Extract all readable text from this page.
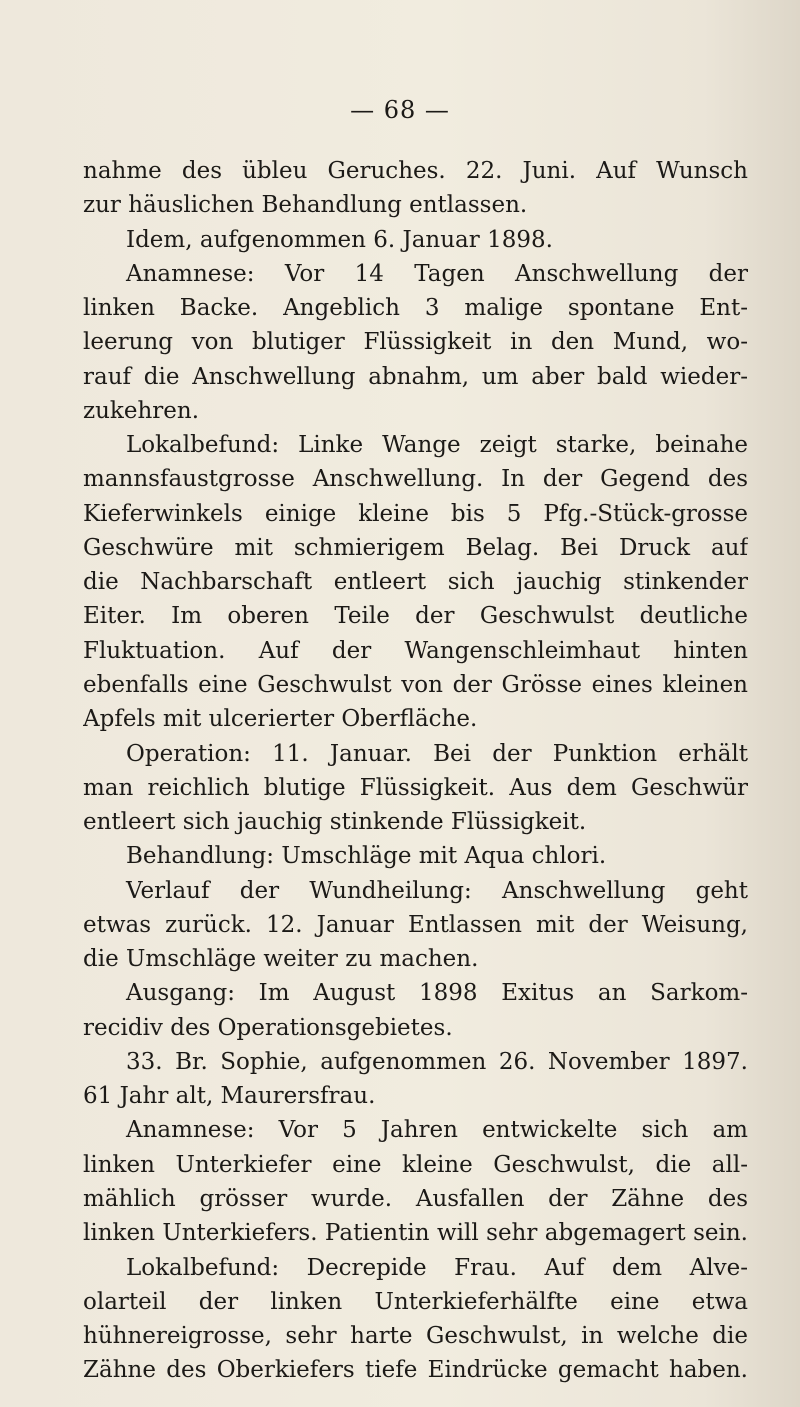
— 68 —
nahme des übleu Geruches. 22. Juni. Auf Wunsch
zur häuslichen Behandlung entlassen.
Idem, aufgenommen 6. Januar 1898.
Anamnese: Vor 14 Tagen Anschwellung der
linken Backe. Angeblich 3 malige spontane Ent-
leerung von blutiger Flüssigkeit in den Mund, wo-
rauf die Anschwellung abnahm, um aber bald wieder-
zukehren.
Lokalbefund: Linke Wange zeigt starke, beinahe
mannsfaustgrosse Anschwellung. In der Gegend des
Kieferwinkels einige kleine bis 5 Pfg.-Stück-grosse
Geschwüre mit schmierigem Belag. Bei Druck auf
die Nachbarschaft entleert sich jauchig stinkender
Eiter. Im oberen Teile der Geschwulst deutliche
Fluktuation. Auf der Wangenschleimhaut hinten
ebenfalls eine Geschwulst von der Grösse eines kleinen
Apfels mit ulcerierter Oberfläche.
Operation: 11. Januar. Bei der Punktion erhält
man reichlich blutige Flüssigkeit. Aus dem Geschwür
entleert sich jauchig stinkende Flüssigkeit.
Behandlung: Umschläge mit Aqua chlori.
Verlauf der Wundheilung: Anschwellung geht
etwas zurück. 12. Januar Entlassen mit der Weisung,
die Umschläge weiter zu machen.
Ausgang: Im August 1898 Exitus an Sarkom-
recidiv des Operationsgebietes.
33. Br. Sophie, aufgenommen 26. November 1897.
61 Jahr alt, Maurersfrau.
Anamnese: Vor 5 Jahren entwickelte sich am
linken Unterkiefer eine kleine Geschwulst, die all-
mählich grösser wurde. Ausfallen der Zähne des
linken Unterkiefers. Patientin will sehr abgemagert sein.
Lokalbefund: Decrepide Frau. Auf dem Alve-
olarteil der linken Unterkieferhälfte eine etwa
hühnereigrosse, sehr harte Geschwulst, in welche die
Zähne des Oberkiefers tiefe Eindrücke gemacht haben.
